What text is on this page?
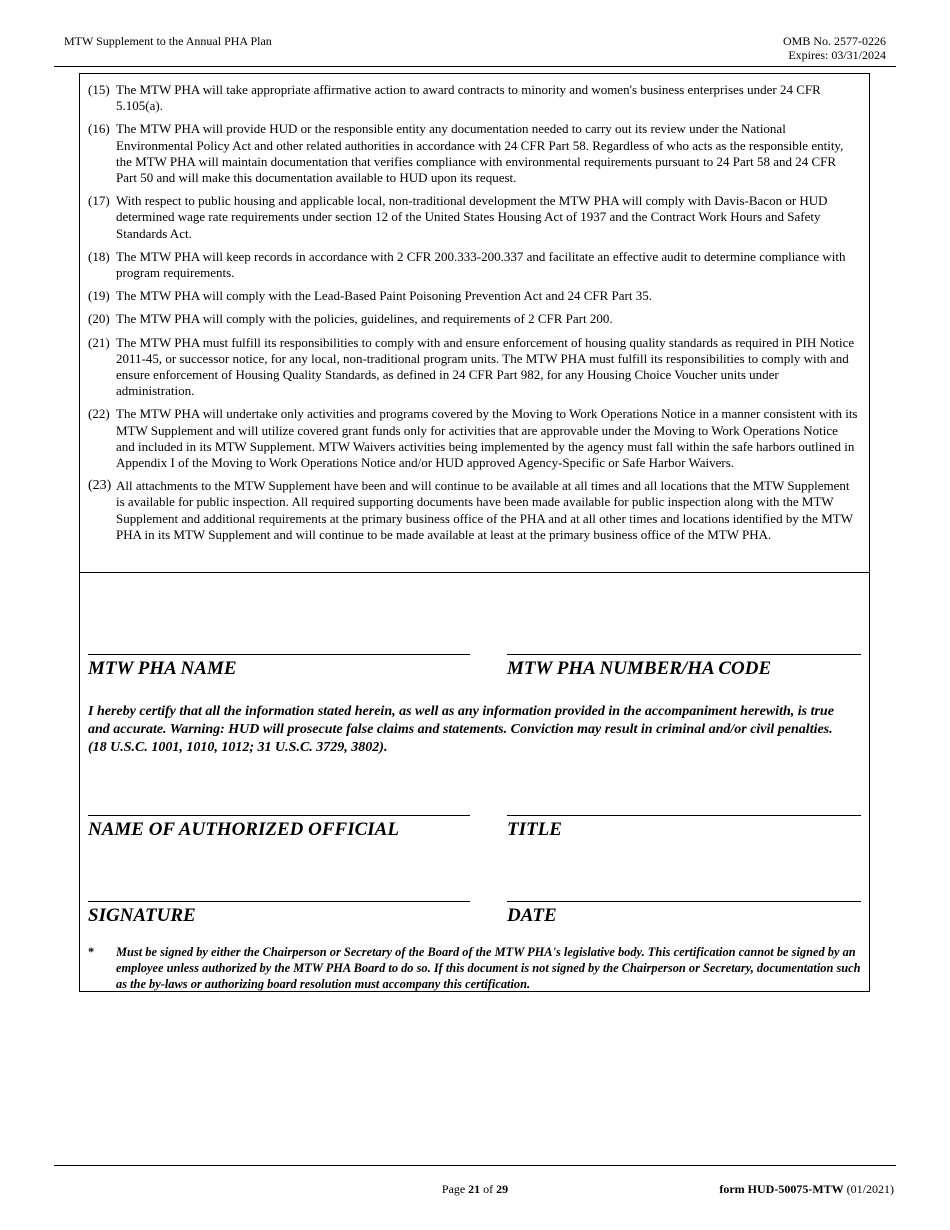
MTW Supplement to the Annual PHA Plan	OMB No. 2577-0226
Expires: 03/31/2024
(15) The MTW PHA will take appropriate affirmative action to award contracts to minority and women's business enterprises under 24 CFR 5.105(a).
(16) The MTW PHA will provide HUD or the responsible entity any documentation needed to carry out its review under the National Environmental Policy Act and other related authorities in accordance with 24 CFR Part 58. Regardless of who acts as the responsible entity, the MTW PHA will maintain documentation that verifies compliance with environmental requirements pursuant to 24 Part 58 and 24 CFR Part 50 and will make this documentation available to HUD upon its request.
(17) With respect to public housing and applicable local, non-traditional development the MTW PHA will comply with Davis-Bacon or HUD determined wage rate requirements under section 12 of the United States Housing Act of 1937 and the Contract Work Hours and Safety Standards Act.
(18) The MTW PHA will keep records in accordance with 2 CFR 200.333-200.337 and facilitate an effective audit to determine compliance with program requirements.
(19) The MTW PHA will comply with the Lead-Based Paint Poisoning Prevention Act and 24 CFR Part 35.
(20) The MTW PHA will comply with the policies, guidelines, and requirements of 2 CFR Part 200.
(21) The MTW PHA must fulfill its responsibilities to comply with and ensure enforcement of housing quality standards as required in PIH Notice 2011-45, or successor notice, for any local, non-traditional program units. The MTW PHA must fulfill its responsibilities to comply with and ensure enforcement of Housing Quality Standards, as defined in 24 CFR Part 982, for any Housing Choice Voucher units under administration.
(22) The MTW PHA will undertake only activities and programs covered by the Moving to Work Operations Notice in a manner consistent with its MTW Supplement and will utilize covered grant funds only for activities that are approvable under the Moving to Work Operations Notice and included in its MTW Supplement. MTW Waivers activities being implemented by the agency must fall within the safe harbors outlined in Appendix I of the Moving to Work Operations Notice and/or HUD approved Agency-Specific or Safe Harbor Waivers.
(23) All attachments to the MTW Supplement have been and will continue to be available at all times and all locations that the MTW Supplement is available for public inspection. All required supporting documents have been made available for public inspection along with the MTW Supplement and additional requirements at the primary business office of the PHA and at all other times and locations identified by the MTW PHA in its MTW Supplement and will continue to be made available at least at the primary business office of the MTW PHA.
MTW PHA NAME	MTW PHA NUMBER/HA CODE
I hereby certify that all the information stated herein, as well as any information provided in the accompaniment herewith, is true and accurate. Warning: HUD will prosecute false claims and statements. Conviction may result in criminal and/or civil penalties. (18 U.S.C. 1001, 1010, 1012; 31 U.S.C. 3729, 3802).
NAME OF AUTHORIZED OFFICIAL	TITLE
SIGNATURE	DATE
*	Must be signed by either the Chairperson or Secretary of the Board of the MTW PHA's legislative body. This certification cannot be signed by an employee unless authorized by the MTW PHA Board to do so. If this document is not signed by the Chairperson or Secretary, documentation such as the by-laws or authorizing board resolution must accompany this certification.
Page 21 of 29	form HUD-50075-MTW (01/2021)
